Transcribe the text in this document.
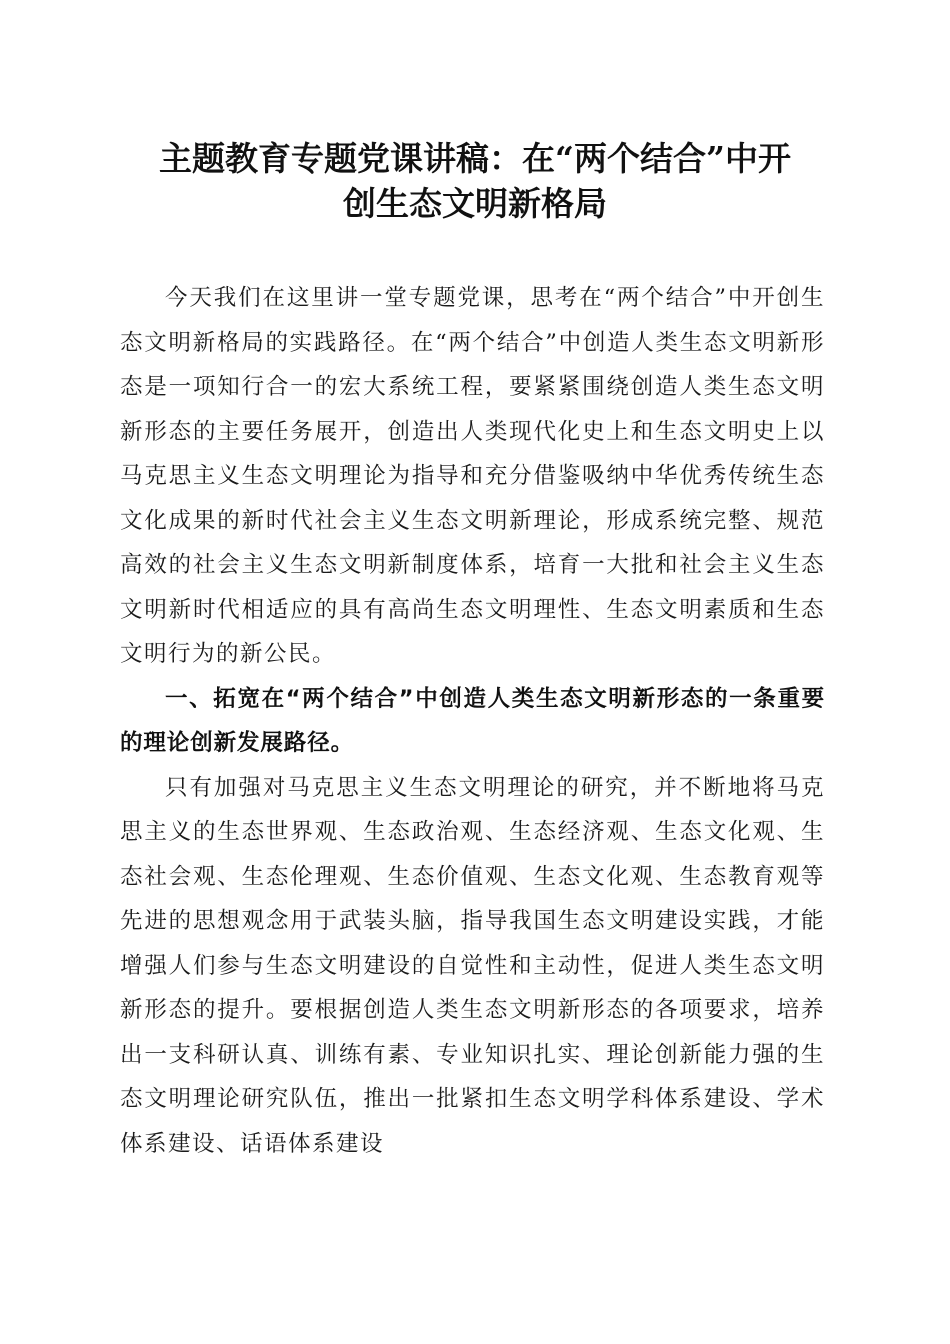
主题教育专题党课讲稿：在“两个结合”中开
创生态文明新格局

今天我们在这里讲一堂专题党课，思考在“两个结合”中开创生态文明新格局的实践路径。在“两个结合”中创造人类生态文明新形态是一项知行合一的宏大系统工程，要紧紧围绕创造人类生态文明新形态的主要任务展开，创造出人类现代化史上和生态文明史上以马克思主义生态文明理论为指导和充分借鉴吸纳中华优秀传统生态文化成果的新时代社会主义生态文明新理论，形成系统完整、规范高效的社会主义生态文明新制度体系，培育一大批和社会主义生态文明新时代相适应的具有高尚生态文明理性、生态文明素质和生态文明行为的新公民。

一、拓宽在“两个结合”中创造人类生态文明新形态的一条重要的理论创新发展路径。

只有加强对马克思主义生态文明理论的研究，并不断地将马克思主义的生态世界观、生态政治观、生态经济观、生态文化观、生态社会观、生态伦理观、生态价值观、生态文化观、生态教育观等先进的思想观念用于武装头脑，指导我国生态文明建设实践，才能增强人们参与生态文明建设的自觉性和主动性，促进人类生态文明新形态的提升。要根据创造人类生态文明新形态的各项要求，培养出一支科研认真、训练有素、专业知识扎实、理论创新能力强的生态文明理论研究队伍，推出一批紧扣生态文明学科体系建设、学术体系建设、话语体系建设
